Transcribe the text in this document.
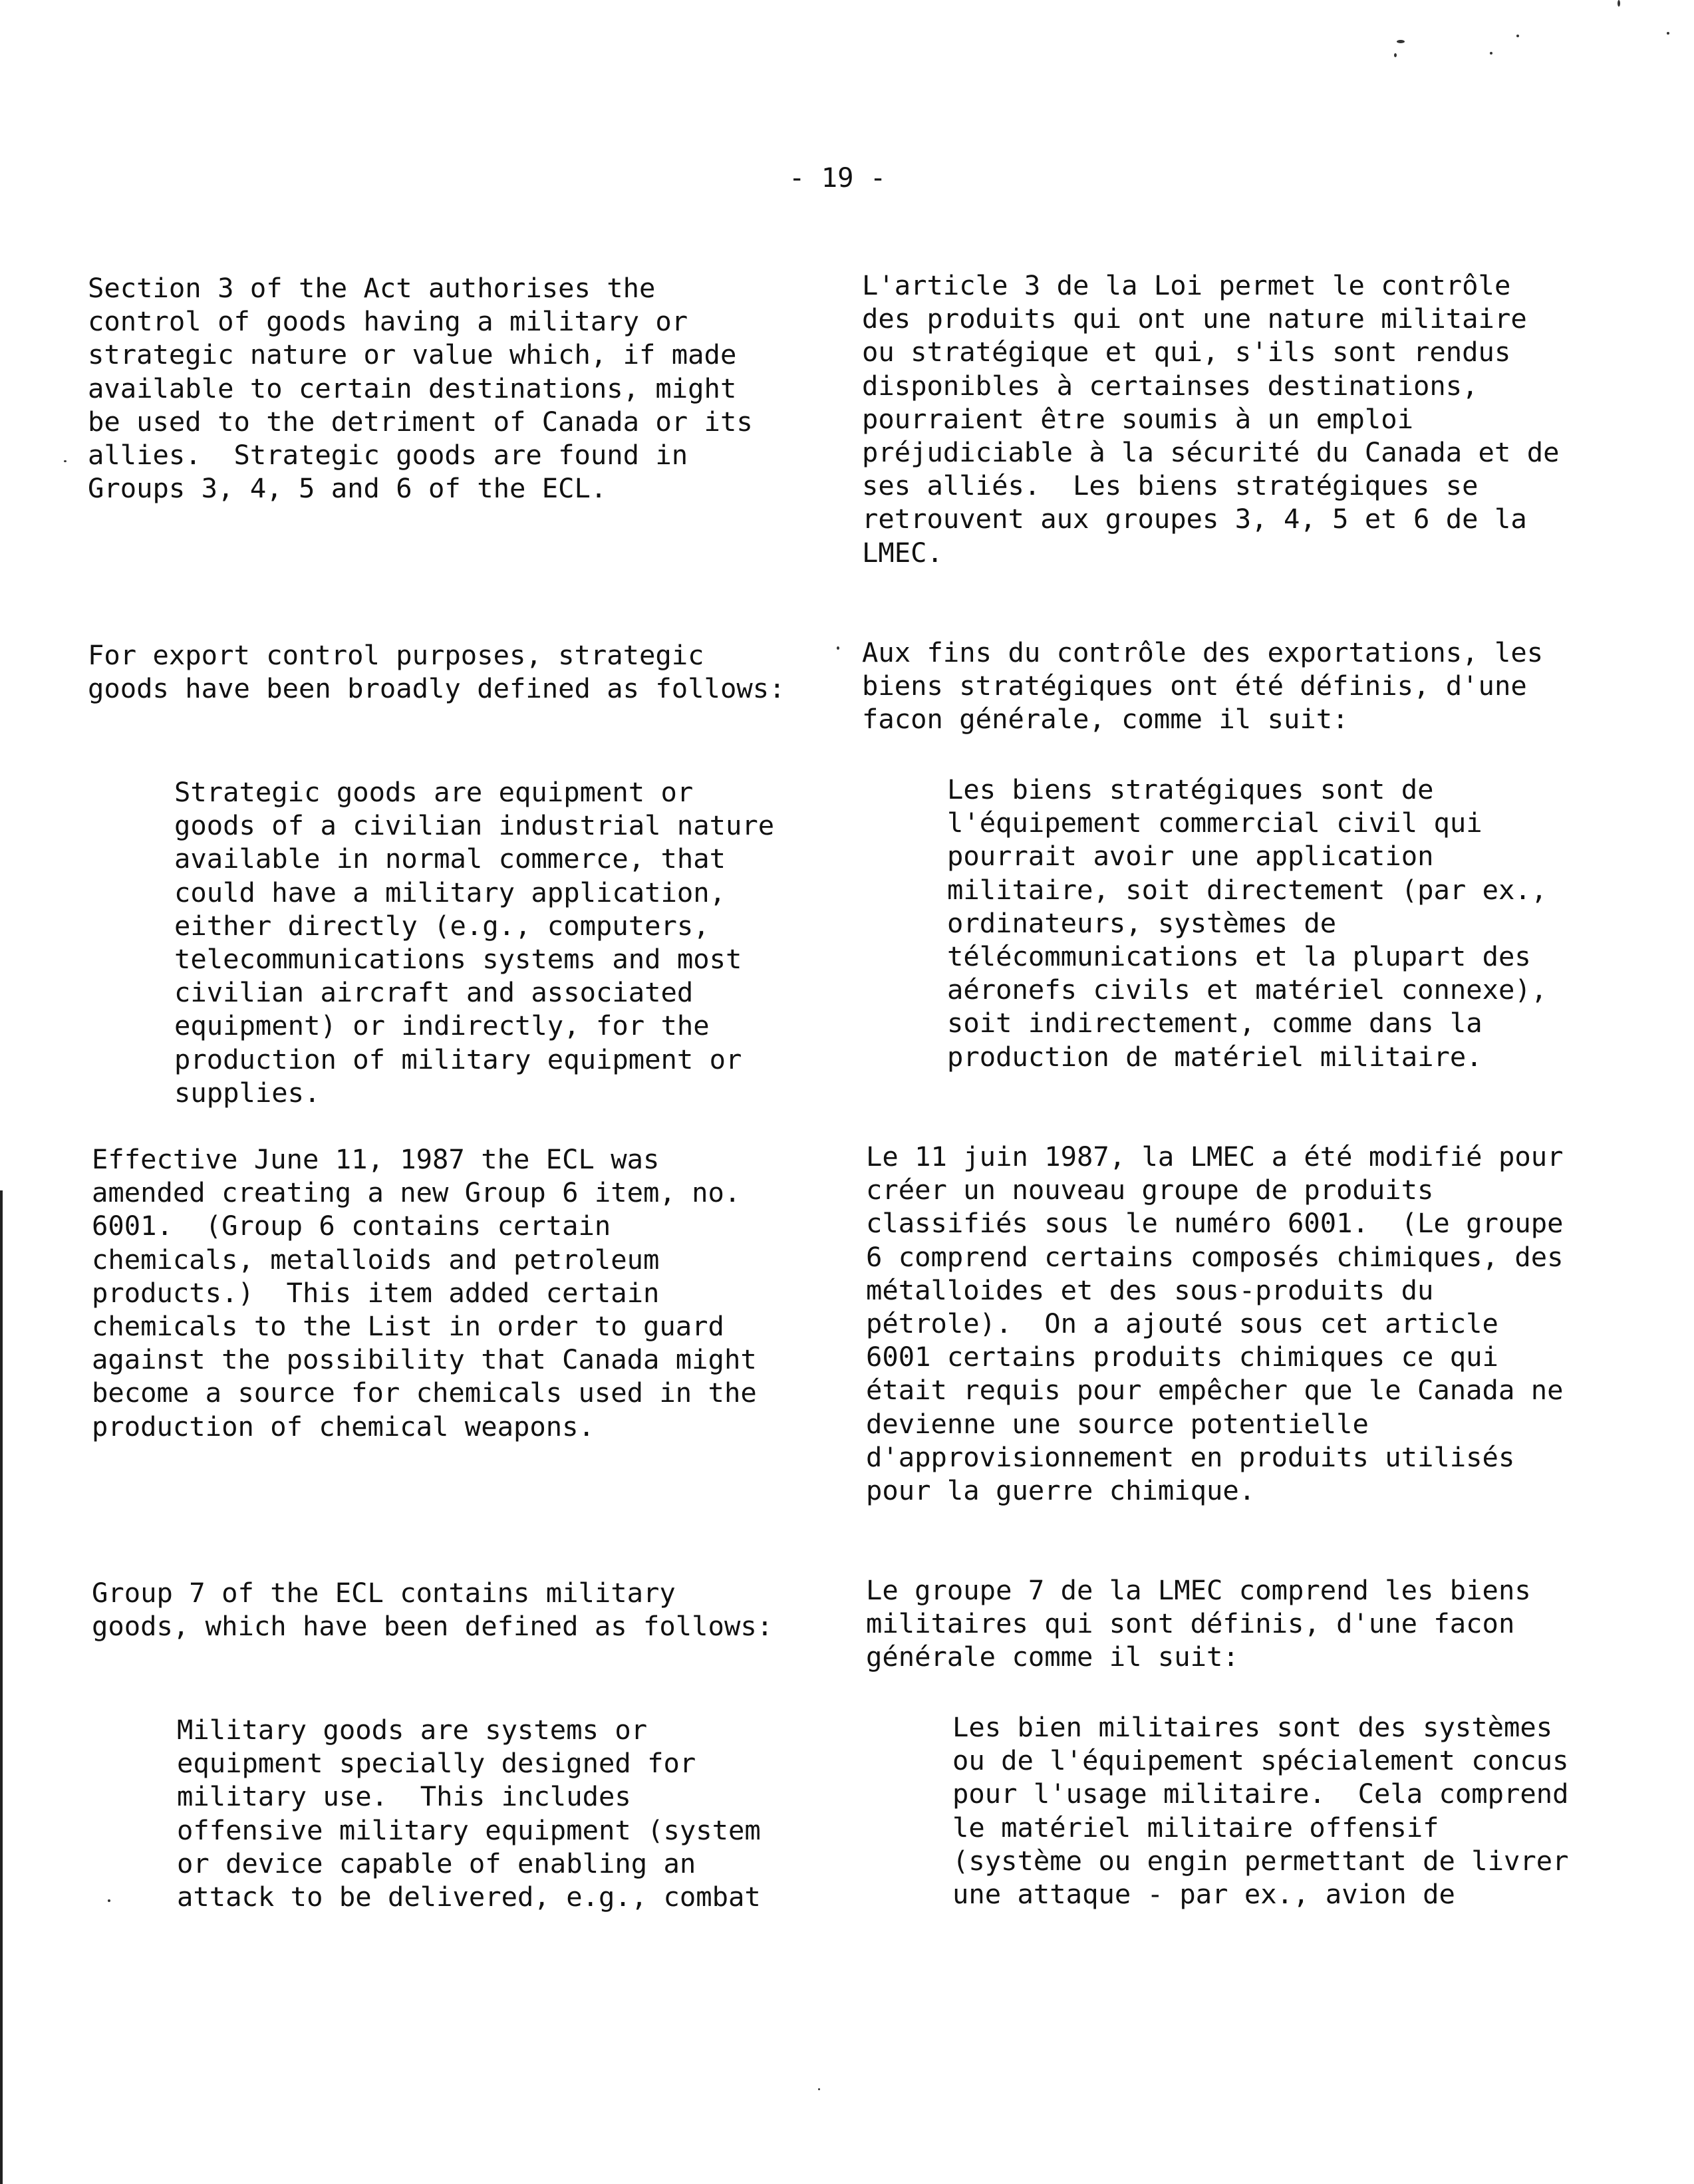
- 19 -
Section 3 of the Act authorises the
control of goods having a military or
strategic nature or value which, if made
available to certain destinations, might
be used to the detriment of Canada or its
allies.  Strategic goods are found in
Groups 3, 4, 5 and 6 of the ECL.
For export control purposes, strategic
goods have been broadly defined as follows:
Strategic goods are equipment or
goods of a civilian industrial nature
available in normal commerce, that
could have a military application,
either directly (e.g., computers,
telecommunications systems and most
civilian aircraft and associated
equipment) or indirectly, for the
production of military equipment or
supplies.
Effective June 11, 1987 the ECL was
amended creating a new Group 6 item, no.
6001.  (Group 6 contains certain
chemicals, metalloids and petroleum
products.)  This item added certain
chemicals to the List in order to guard
against the possibility that Canada might
become a source for chemicals used in the
production of chemical weapons.
Group 7 of the ECL contains military
goods, which have been defined as follows:
Military goods are systems or
equipment specially designed for
military use.  This includes
offensive military equipment (system
or device capable of enabling an
attack to be delivered, e.g., combat
L'article 3 de la Loi permet le contrôle
des produits qui ont une nature militaire
ou stratégique et qui, s'ils sont rendus
disponibles à certainses destinations,
pourraient être soumis à un emploi
préjudiciable à la sécurité du Canada et de
ses alliés.  Les biens stratégiques se
retrouvent aux groupes 3, 4, 5 et 6 de la
LMEC.
Aux fins du contrôle des exportations, les
biens stratégiques ont été définis, d'une
facon générale, comme il suit:
Les biens stratégiques sont de
l'équipement commercial civil qui
pourrait avoir une application
militaire, soit directement (par ex.,
ordinateurs, systèmes de
télécommunications et la plupart des
aéronefs civils et matériel connexe),
soit indirectement, comme dans la
production de matériel militaire.
Le 11 juin 1987, la LMEC a été modifié pour
créer un nouveau groupe de produits
classifiés sous le numéro 6001.  (Le groupe
6 comprend certains composés chimiques, des
métalloides et des sous-produits du
pétrole).  On a ajouté sous cet article
6001 certains produits chimiques ce qui
était requis pour empêcher que le Canada ne
devienne une source potentielle
d'approvisionnement en produits utilisés
pour la guerre chimique.
Le groupe 7 de la LMEC comprend les biens
militaires qui sont définis, d'une facon
générale comme il suit:
Les bien militaires sont des systèmes
ou de l'équipement spécialement concus
pour l'usage militaire.  Cela comprend
le matériel militaire offensif
(système ou engin permettant de livrer
une attaque - par ex., avion de
